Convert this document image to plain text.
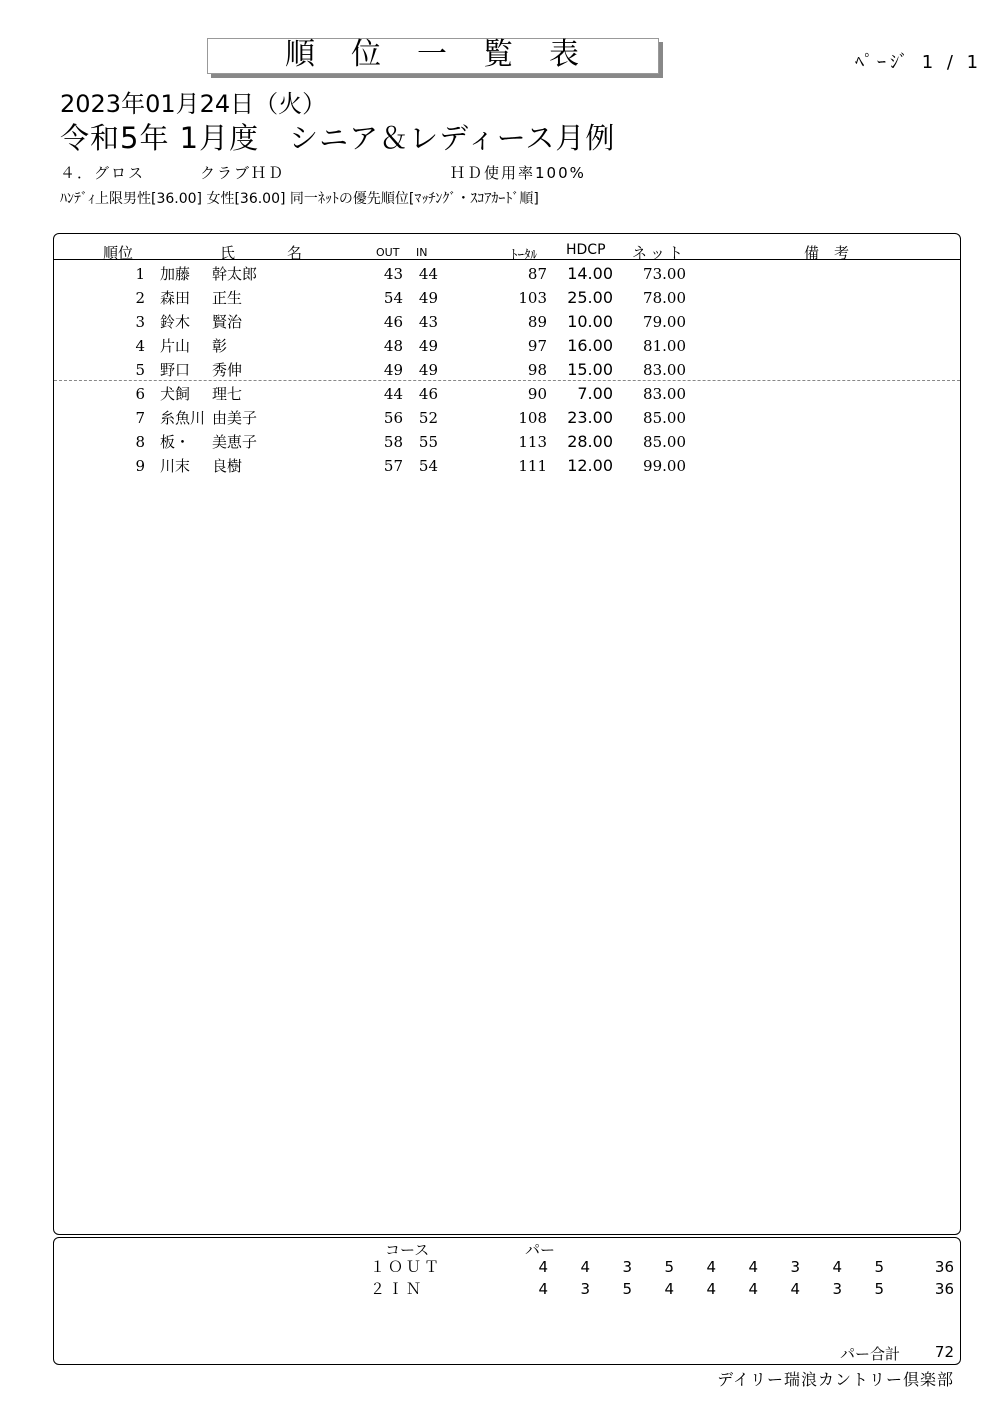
順位一覧表	ﾍﾟｰｼﾞ 1 / 1
2023年01月24日（火）
令和5年 1月度　シニア＆レディース月例
４．グロス	クラブＨＤ	ＨＤ使用率100%
ﾊﾝﾃﾞｨ上限男性[36.00] 女性[36.00] 同一ﾈｯﾄの優先順位[ﾏｯﾁﾝｸﾞ・ｽｺｱｶｰﾄﾞ順]
順位	氏	名	OUT IN	ﾄｰﾀﾙ HDCP ネット	備　考
1 加藤 幹太郎	43	44	87	14.00	73.00
2 森田 正生	54	49	103	25.00	78.00
3 鈴木 賢治	46	43	89	10.00	79.00
4 片山 彰	48	49	97	16.00	81.00
5 野口 秀伸	49	49	98	15.00	83.00
6 犬飼 理七	44	46	90	7.00	83.00
7 糸魚川 由美子	56	52	108	23.00	85.00
8 板・ 美恵子	58	55	113	28.00	85.00
9 川末 良樹	57	54	111	12.00	99.00
コース	パー
１ＯＵＴ	4	4	3	5	4	4	3	4	5	36
２ＩＮ	4	3	5	4	4	4	4	3	5	36
パー合計	72
デイリー瑞浪カントリー倶楽部
